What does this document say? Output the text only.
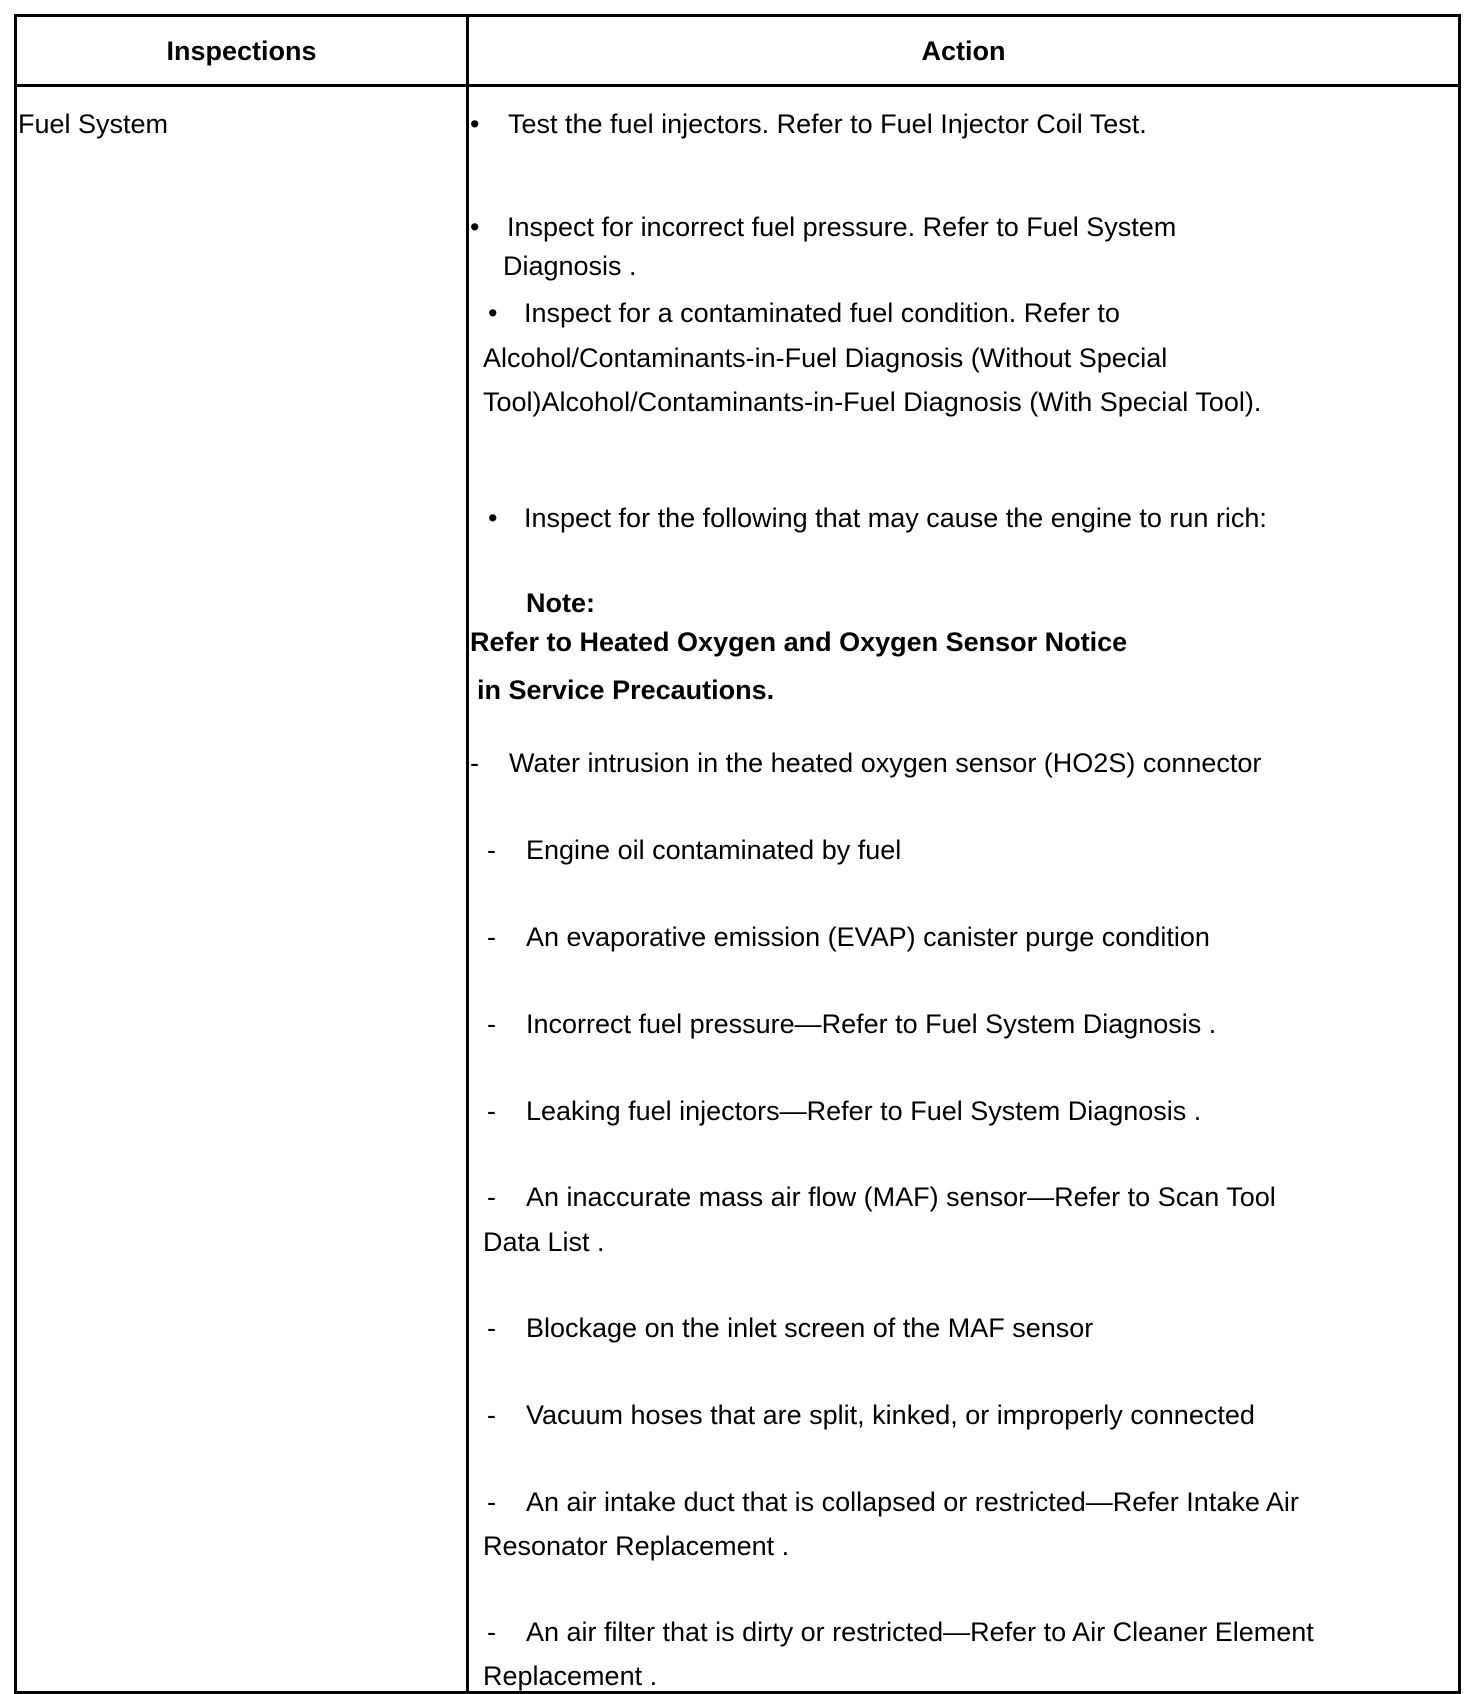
Inspections	Action
Fuel System	• Test the fuel injectors. Refer to Fuel Injector Coil Test.
• Inspect for incorrect fuel pressure. Refer to Fuel System
Diagnosis .
• Inspect for a contaminated fuel condition. Refer to
Alcohol/Contaminants-in-Fuel Diagnosis (Without Special
Tool)Alcohol/Contaminants-in-Fuel Diagnosis (With Special Tool).
• Inspect for the following that may cause the engine to run rich:
Note:
Refer to Heated Oxygen and Oxygen Sensor Notice
in Service Precautions.
- Water intrusion in the heated oxygen sensor (HO2S) connector
- Engine oil contaminated by fuel
- An evaporative emission (EVAP) canister purge condition
- Incorrect fuel pressure—Refer to Fuel System Diagnosis .
- Leaking fuel injectors—Refer to Fuel System Diagnosis .
- An inaccurate mass air flow (MAF) sensor—Refer to Scan Tool
Data List .
- Blockage on the inlet screen of the MAF sensor
- Vacuum hoses that are split, kinked, or improperly connected
- An air intake duct that is collapsed or restricted—Refer Intake Air
Resonator Replacement .
- An air filter that is dirty or restricted—Refer to Air Cleaner Element
Replacement .
